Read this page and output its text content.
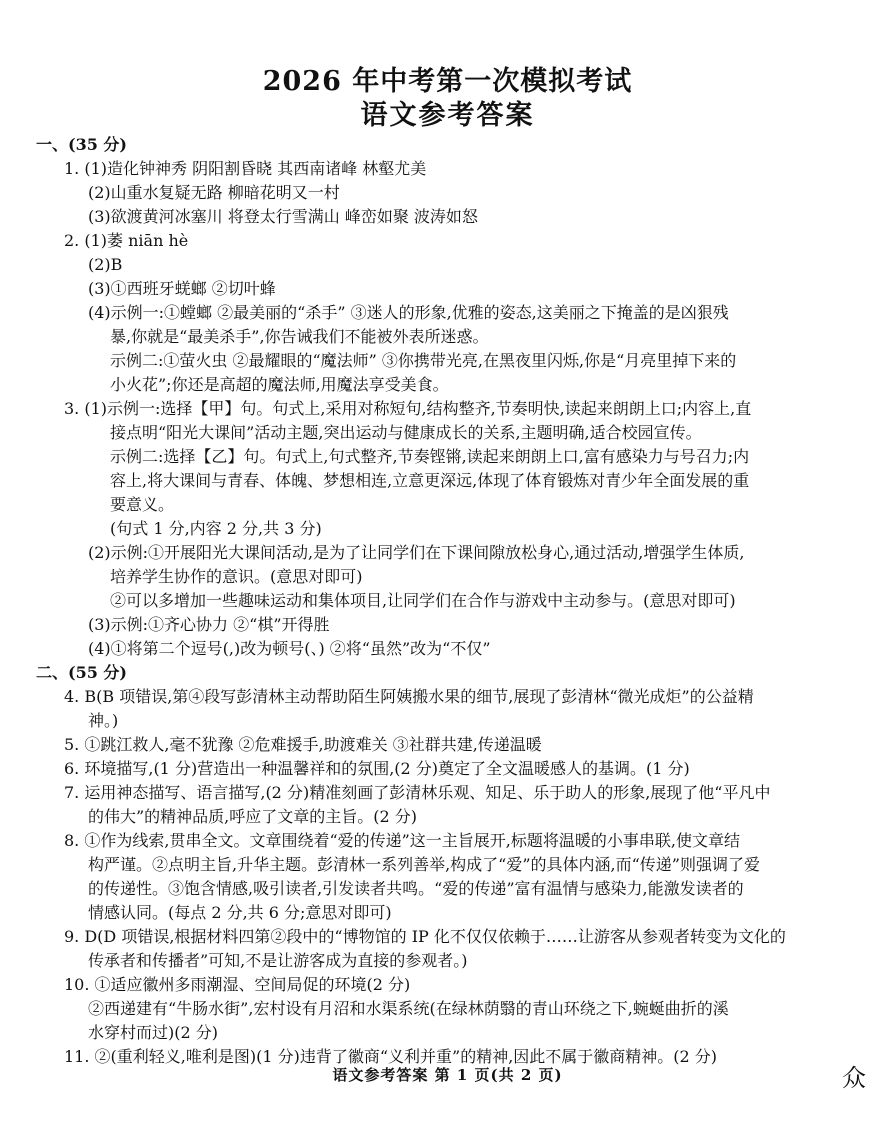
2026 年中考第一次模拟考试
语文参考答案
一、(35 分)
1. (1)造化钟神秀 阴阳割昏晓 其西南诸峰 林壑尤美
(2)山重水复疑无路 柳暗花明又一村
(3)欲渡黄河冰塞川 将登太行雪满山 峰峦如聚 波涛如怒
2. (1)萎 niān hè
(2)B
(3)①西班牙蜣螂 ②切叶蜂
(4)示例一:①螳螂 ②最美丽的“杀手” ③迷人的形象,优雅的姿态,这美丽之下掩盖的是凶狠残
暴,你就是“最美杀手”,你告诫我们不能被外表所迷惑。
示例二:①萤火虫 ②最耀眼的“魔法师” ③你携带光亮,在黑夜里闪烁,你是“月亮里掉下来的
小火花”;你还是高超的魔法师,用魔法享受美食。
3. (1)示例一:选择【甲】句。句式上,采用对称短句,结构整齐,节奏明快,读起来朗朗上口;内容上,直
接点明“阳光大课间”活动主题,突出运动与健康成长的关系,主题明确,适合校园宣传。
示例二:选择【乙】句。句式上,句式整齐,节奏铿锵,读起来朗朗上口,富有感染力与号召力;内
容上,将大课间与青春、体魄、梦想相连,立意更深远,体现了体育锻炼对青少年全面发展的重
要意义。
(句式 1 分,内容 2 分,共 3 分)
(2)示例:①开展阳光大课间活动,是为了让同学们在下课间隙放松身心,通过活动,增强学生体质,
培养学生协作的意识。(意思对即可)
②可以多增加一些趣味运动和集体项目,让同学们在合作与游戏中主动参与。(意思对即可)
(3)示例:①齐心协力 ②“棋”开得胜
(4)①将第二个逗号(,)改为顿号(、) ②将“虽然”改为“不仅”
二、(55 分)
4. B(B 项错误,第④段写彭清林主动帮助陌生阿姨搬水果的细节,展现了彭清林“微光成炬”的公益精
神。)
5. ①跳江救人,毫不犹豫 ②危难援手,助渡难关 ③社群共建,传递温暖
6. 环境描写,(1 分)营造出一种温馨祥和的氛围,(2 分)奠定了全文温暖感人的基调。(1 分)
7. 运用神态描写、语言描写,(2 分)精准刻画了彭清林乐观、知足、乐于助人的形象,展现了他“平凡中
的伟大”的精神品质,呼应了文章的主旨。(2 分)
8. ①作为线索,贯串全文。文章围绕着“爱的传递”这一主旨展开,标题将温暖的小事串联,使文章结
构严谨。②点明主旨,升华主题。彭清林一系列善举,构成了“爱”的具体内涵,而“传递”则强调了爱
的传递性。③饱含情感,吸引读者,引发读者共鸣。“爱的传递”富有温情与感染力,能激发读者的
情感认同。(每点 2 分,共 6 分;意思对即可)
9. D(D 项错误,根据材料四第②段中的“博物馆的 IP 化不仅仅依赖于……让游客从参观者转变为文化的
传承者和传播者”可知,不是让游客成为直接的参观者。)
10. ①适应徽州多雨潮湿、空间局促的环境(2 分)
②西递建有“牛肠水街”,宏村设有月沼和水渠系统(在绿林荫翳的青山环绕之下,蜿蜒曲折的溪
水穿村而过)(2 分)
11. ②(重利轻义,唯利是图)(1 分)违背了徽商“义利并重”的精神,因此不属于徽商精神。(2 分)
语文参考答案 第 1 页(共 2 页)	众
